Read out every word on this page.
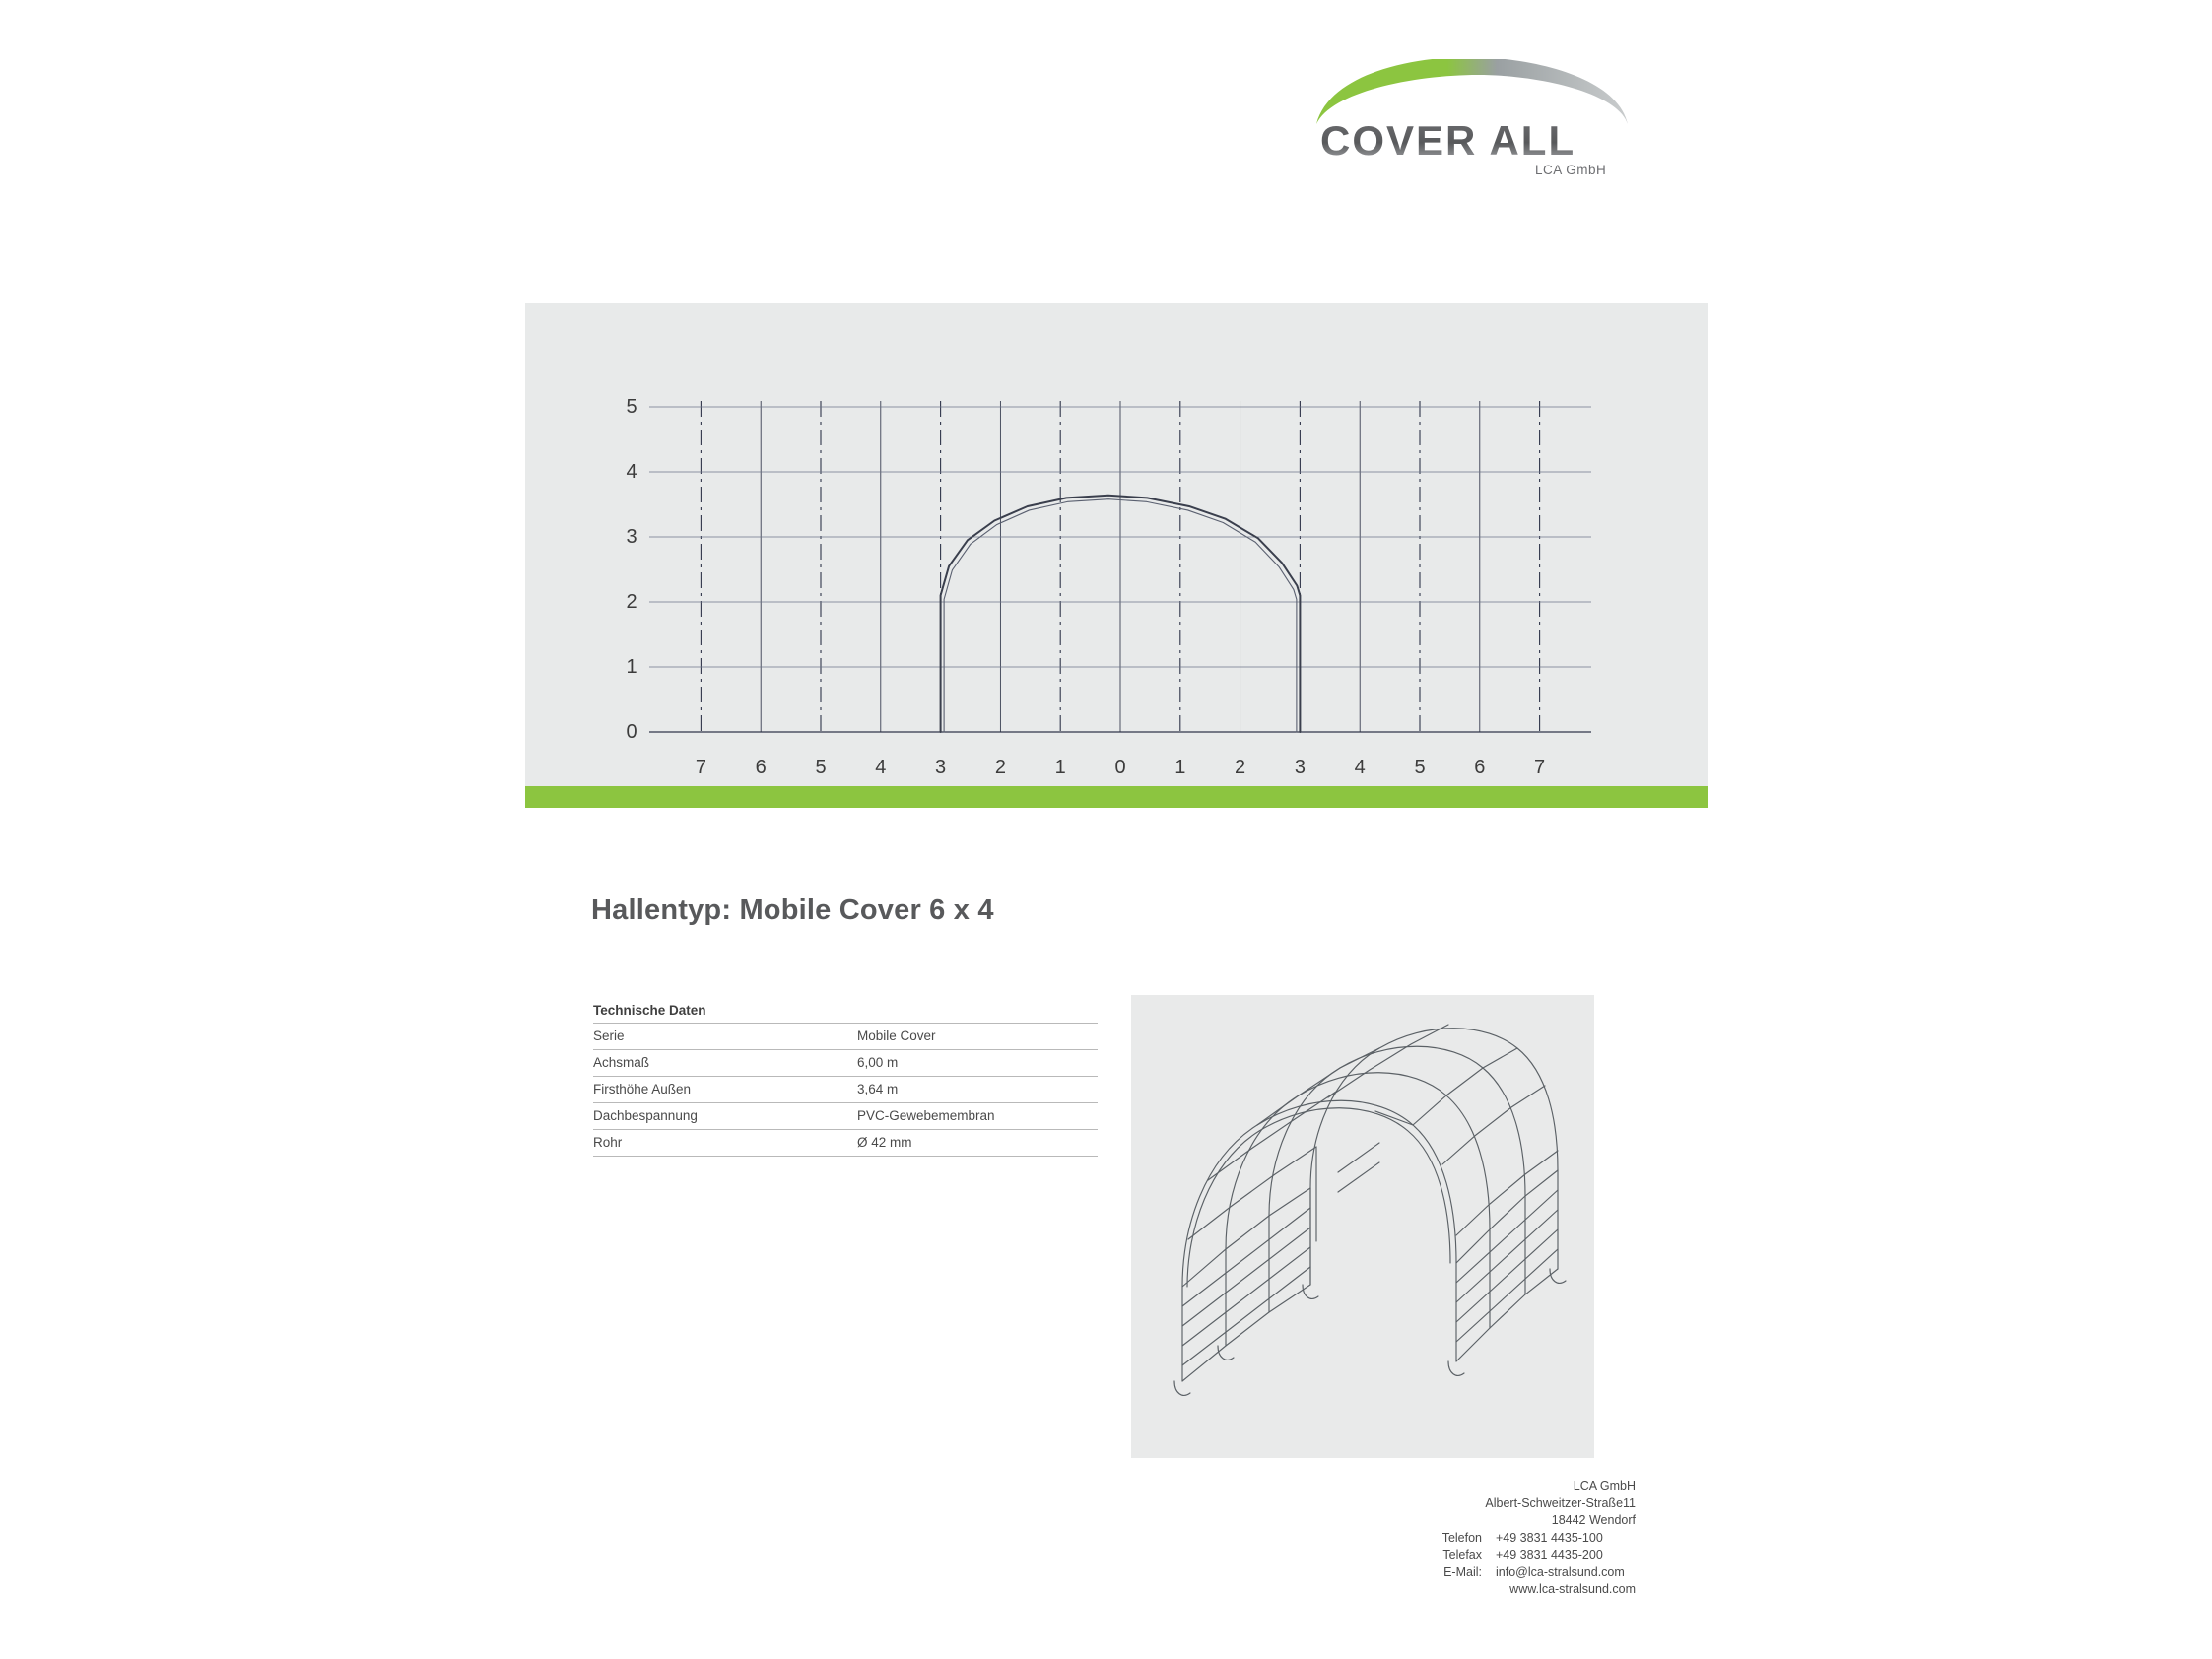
COVER ALL
LCA GmbH
0
1
2
3
4
5
7 6 5 4 3 2 1 0 1 2 3 4 5 6 7
Hallentyp: Mobile Cover 6 x 4
Technische Daten
Serie	Mobile Cover
Achsmaß	6,00 m
Firsthöhe Außen	3,64 m
Dachbespannung	PVC-Gewebemembran
Rohr	Ø 42 mm
LCA GmbH
Albert-Schweitzer-Straße11
18442 Wendorf
Telefon +49 3831 4435-100
Telefax +49 3831 4435-200
E-Mail: info@lca-stralsund.com
www.lca-stralsund.com
